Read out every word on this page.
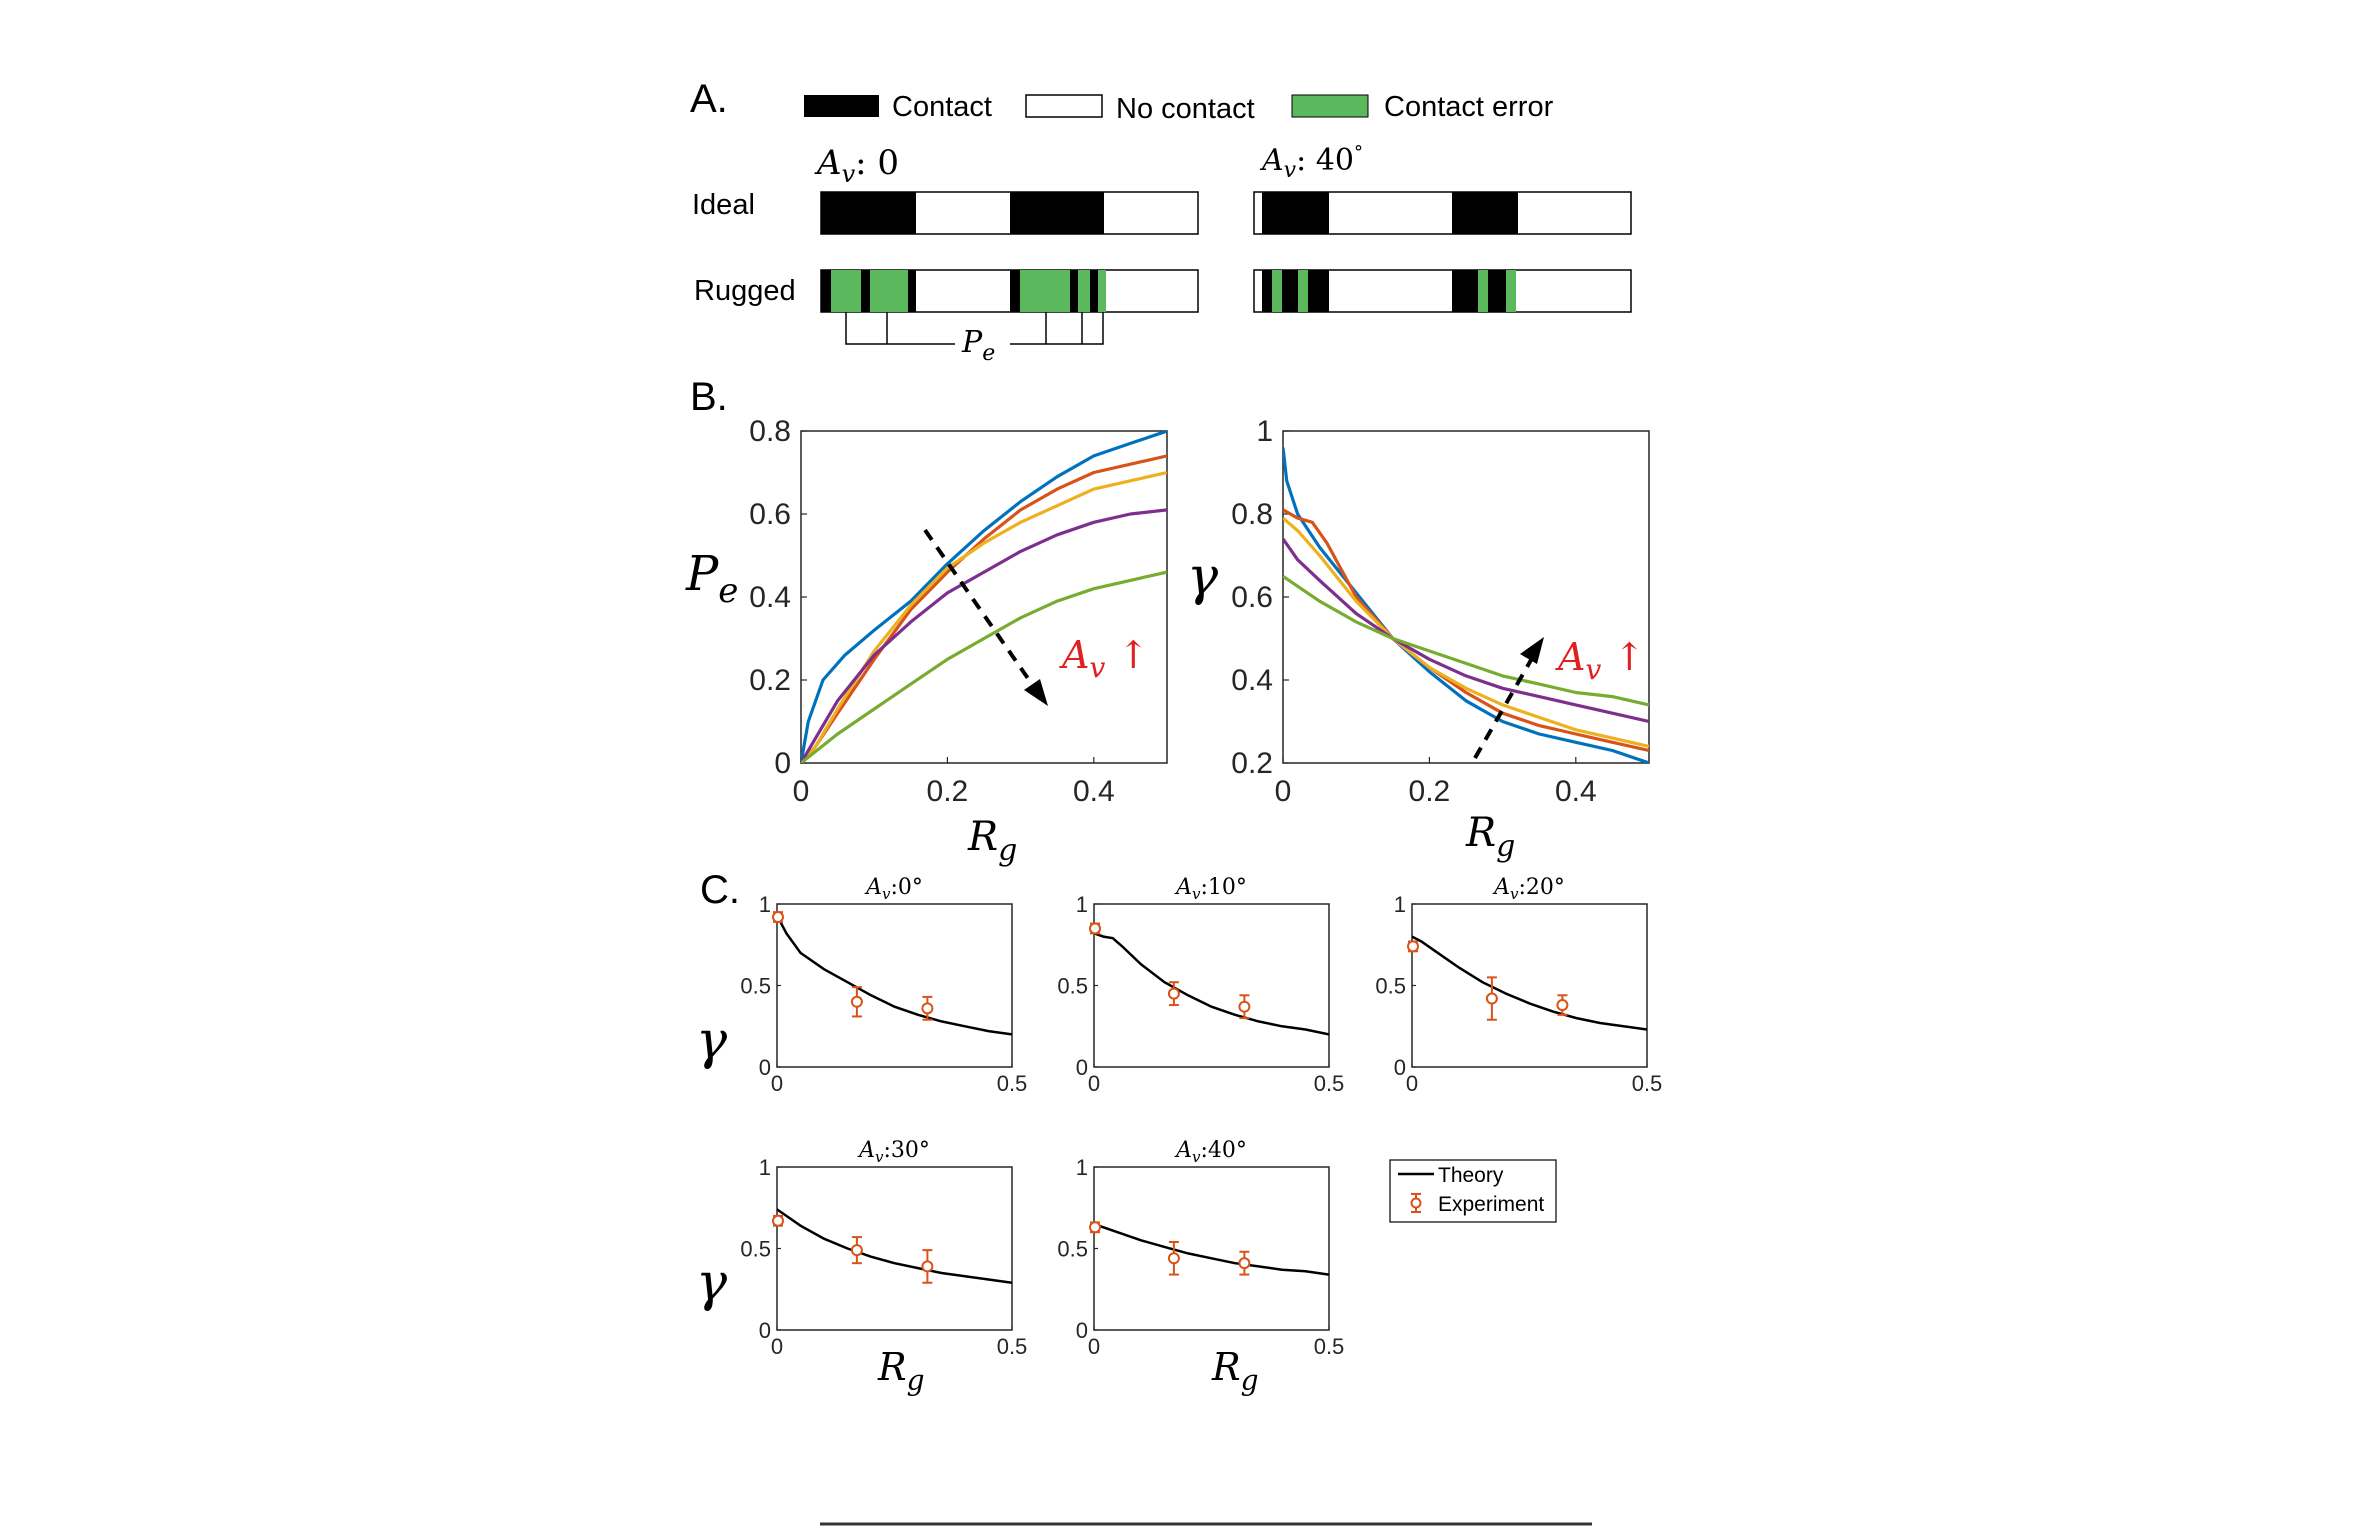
A.	Contact	No contact	Contact error
$A_v$: 0	$A_v$: 40°
Ideal
Rugged
$P_e$
B.
0	0.2	0.4
0
0.2
0.4
0.6
0.8
$P_e$
$R_g$
$A_v$ ↑
0	0.2	0.4
0.2
0.4
0.6
0.8
1
γ
$R_g$
$A_v$ ↑
C.
0	0.5
0
0.5
1
$A_v:0^\circ$
0	0.5
0
0.5
1
$A_v:10^\circ$
0	0.5
0
0.5
1
$A_v:20^\circ$
0	0.5
0
0.5
1
$A_v:30^\circ$
0	0.5
0
0.5
1
$A_v:40^\circ$
γ
γ
$R_g$	$R_g$
Theory
Experiment
